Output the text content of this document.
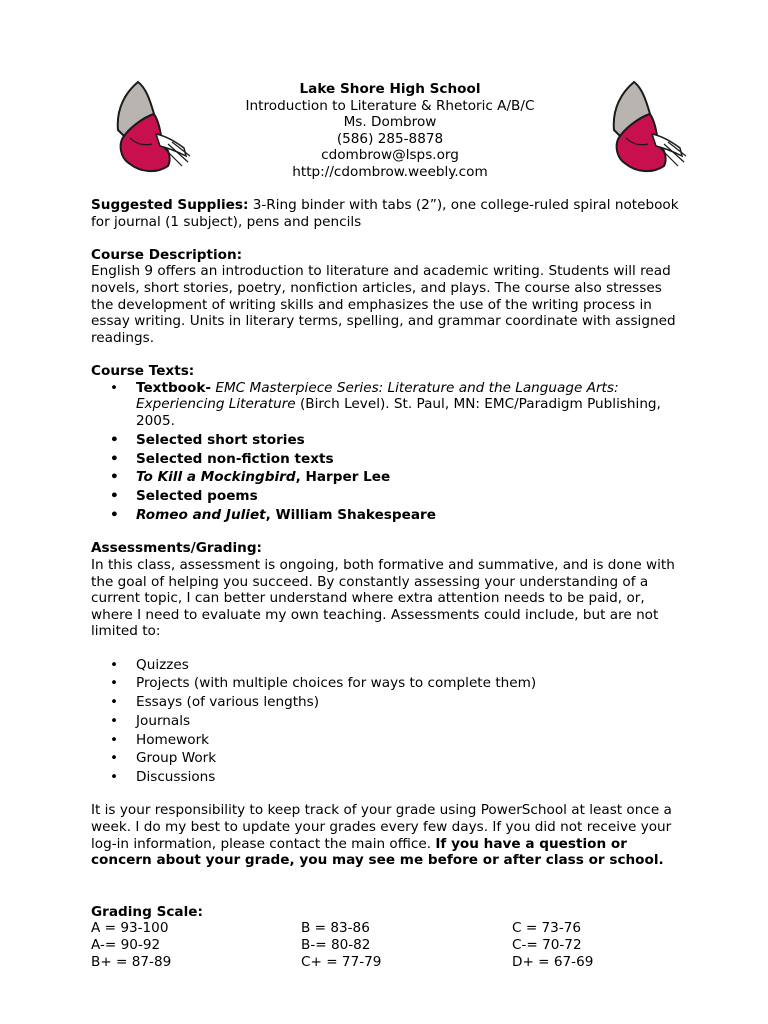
Lake Shore High School
Introduction to Literature & Rhetoric A/B/C
Ms. Dombrow
(586) 285-8878
cdombrow@lsps.org
http://cdombrow.weebly.com

Suggested Supplies: 3-Ring binder with tabs (2”), one college-ruled spiral notebook for journal (1 subject), pens and pencils

Course Description:

English 9 offers an introduction to literature and academic writing. Students will read novels, short stories, poetry, nonfiction articles, and plays. The course also stresses the development of writing skills and emphasizes the use of the writing process in essay writing. Units in literary terms, spelling, and grammar coordinate with assigned readings.

Course Texts:

• Textbook- EMC Masterpiece Series: Literature and the Language Arts: Experiencing Literature (Birch Level). St. Paul, MN: EMC/Paradigm Publishing, 2005.
• Selected short stories
• Selected non-fiction texts
• To Kill a Mockingbird, Harper Lee
• Selected poems
• Romeo and Juliet, William Shakespeare

Assessments/Grading:

In this class, assessment is ongoing, both formative and summative, and is done with the goal of helping you succeed. By constantly assessing your understanding of a current topic, I can better understand where extra attention needs to be paid, or, where I need to evaluate my own teaching. Assessments could include, but are not limited to:

• Quizzes
• Projects (with multiple choices for ways to complete them)
• Essays (of various lengths)
• Journals
• Homework
• Group Work
• Discussions

It is your responsibility to keep track of your grade using PowerSchool at least once a week. I do my best to update your grades every few days. If you did not receive your log-in information, please contact the main office. If you have a question or concern about your grade, you may see me before or after class or school.

Grading Scale:

A = 93-100	B = 83-86	C = 73-76
A-= 90-92	B-= 80-82	C-= 70-72
B+ = 87-89	C+ = 77-79	D+ = 67-69
